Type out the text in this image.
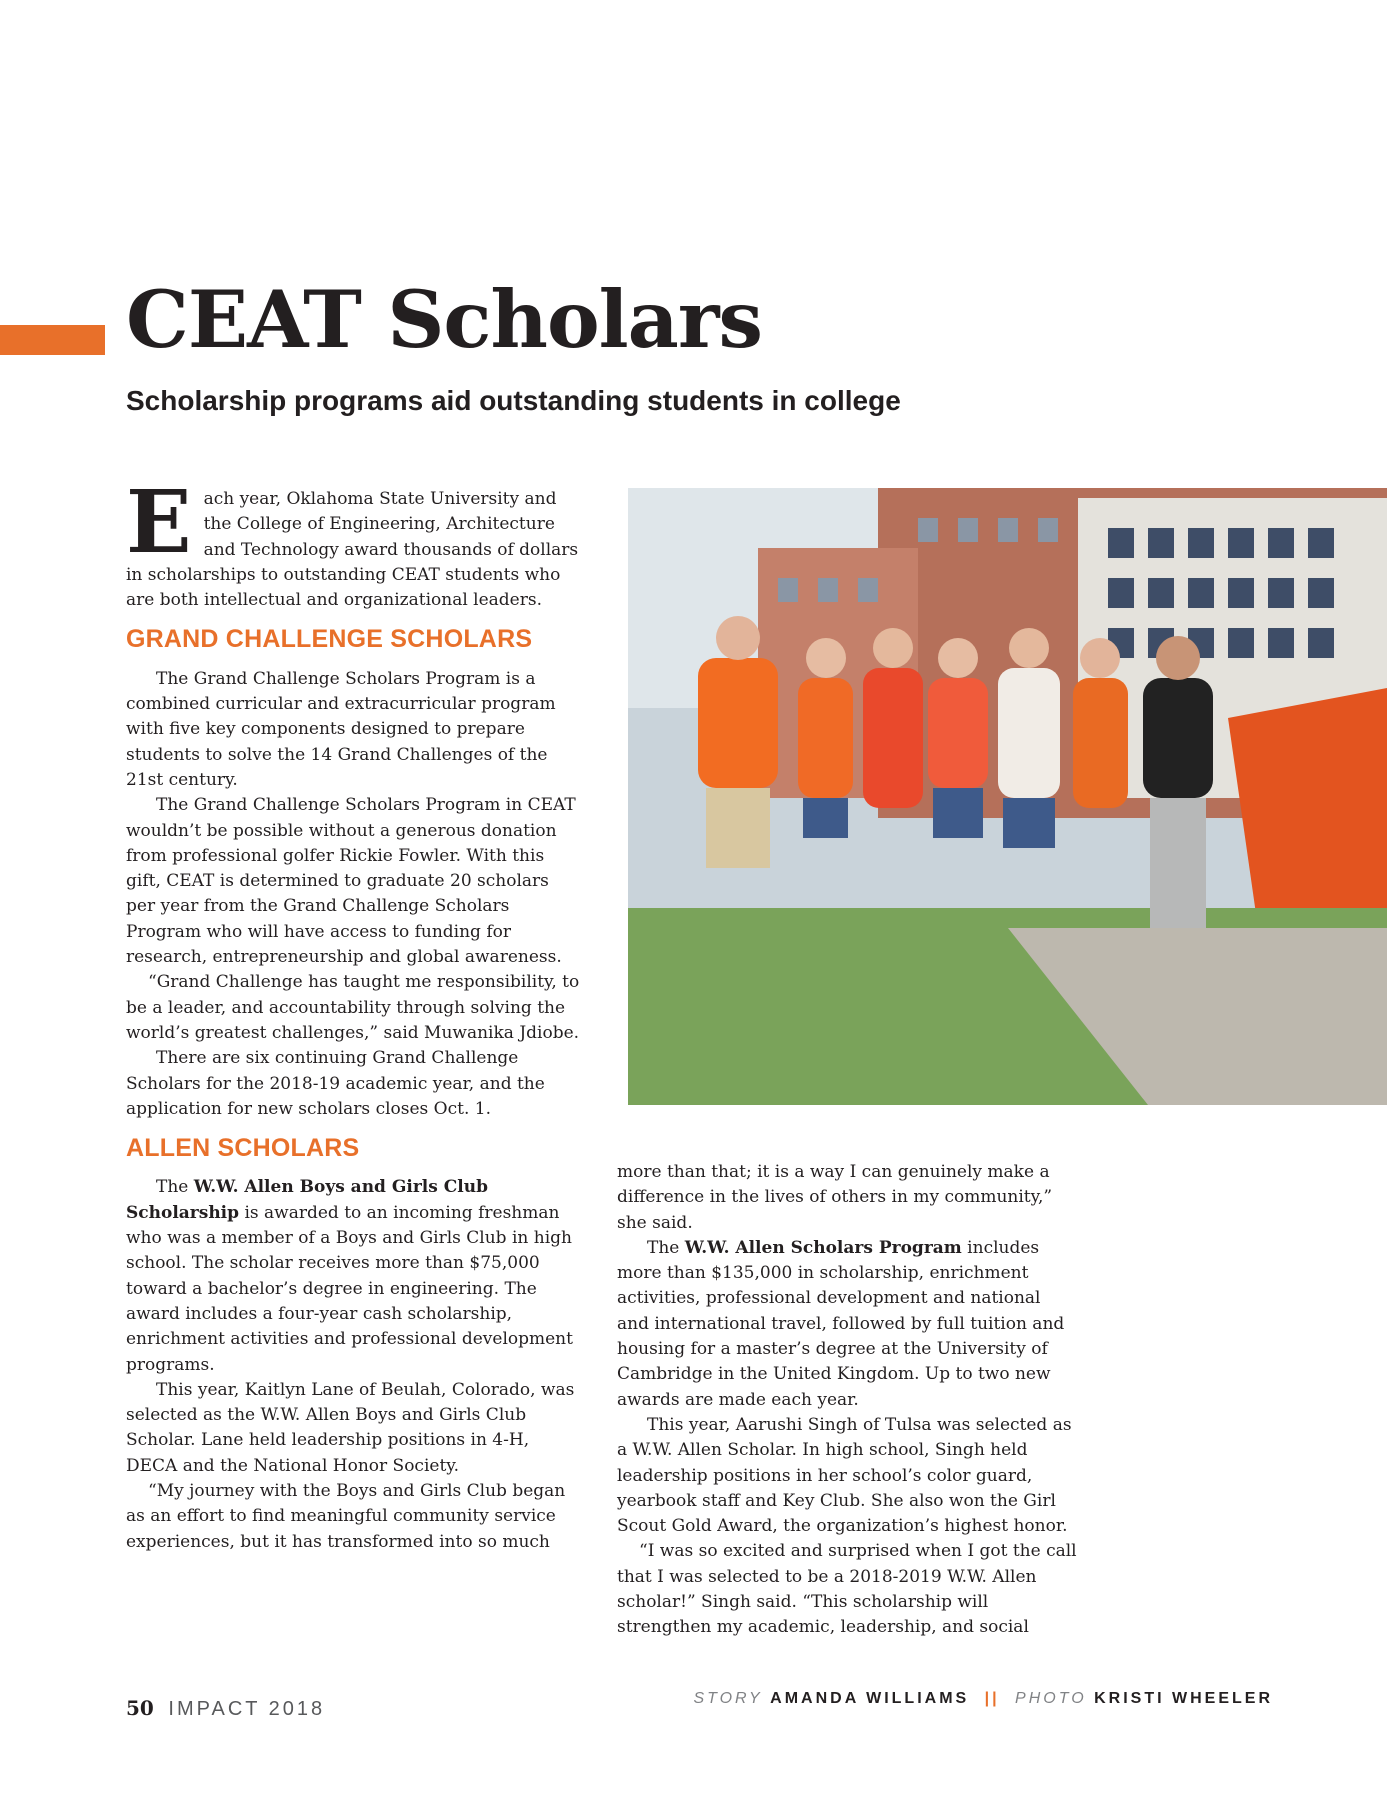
CEAT Scholars
Scholarship programs aid outstanding students in college
E ach year, Oklahoma State University and the College of Engineering, Architecture and Technology award thousands of dollars in scholarships to outstanding CEAT students who are both intellectual and organizational leaders.
GRAND CHALLENGE SCHOLARS

The Grand Challenge Scholars Program is a combined curricular and extracurricular program with five key components designed to prepare students to solve the 14 Grand Challenges of the 21st century.

The Grand Challenge Scholars Program in CEAT wouldn’t be possible without a generous donation from professional golfer Rickie Fowler. With this gift, CEAT is determined to graduate 20 scholars per year from the Grand Challenge Scholars Program who will have access to funding for research, entrepreneurship and global awareness.

“Grand Challenge has taught me responsibility, to be a leader, and accountability through solving the world’s greatest challenges,” said Muwanika Jdiobe.

There are six continuing Grand Challenge Scholars for the 2018-19 academic year, and the application for new scholars closes Oct. 1.

ALLEN SCHOLARS

The W.W. Allen Boys and Girls Club Scholarship is awarded to an incoming freshman who was a member of a Boys and Girls Club in high school. The scholar receives more than $75,000 toward a bachelor’s degree in engineering. The award includes a four-year cash scholarship, enrichment activities and professional development programs.

This year, Kaitlyn Lane of Beulah, Colorado, was selected as the W.W. Allen Boys and Girls Club Scholar. Lane held leadership positions in 4-H, DECA and the National Honor Society.

“My journey with the Boys and Girls Club began as an effort to find meaningful community service experiences, but it has transformed into so much

more than that; it is a way I can genuinely make a difference in the lives of others in my community,” she said.

The W.W. Allen Scholars Program includes more than $135,000 in scholarship, enrichment activities, professional development and national and international travel, followed by full tuition and housing for a master’s degree at the University of Cambridge in the United Kingdom. Up to two new awards are made each year.

This year, Aarushi Singh of Tulsa was selected as a W.W. Allen Scholar. In high school, Singh held leadership positions in her school’s color guard, yearbook staff and Key Club. She also won the Girl Scout Gold Award, the organization’s highest honor.

“I was so excited and surprised when I got the call that I was selected to be a 2018-2019 W.W. Allen scholar!” Singh said. “This scholarship will strengthen my academic, leadership, and social

50 IMPACT 2018	STORY AMANDA WILLIAMS || PHOTO KRISTI WHEELER
